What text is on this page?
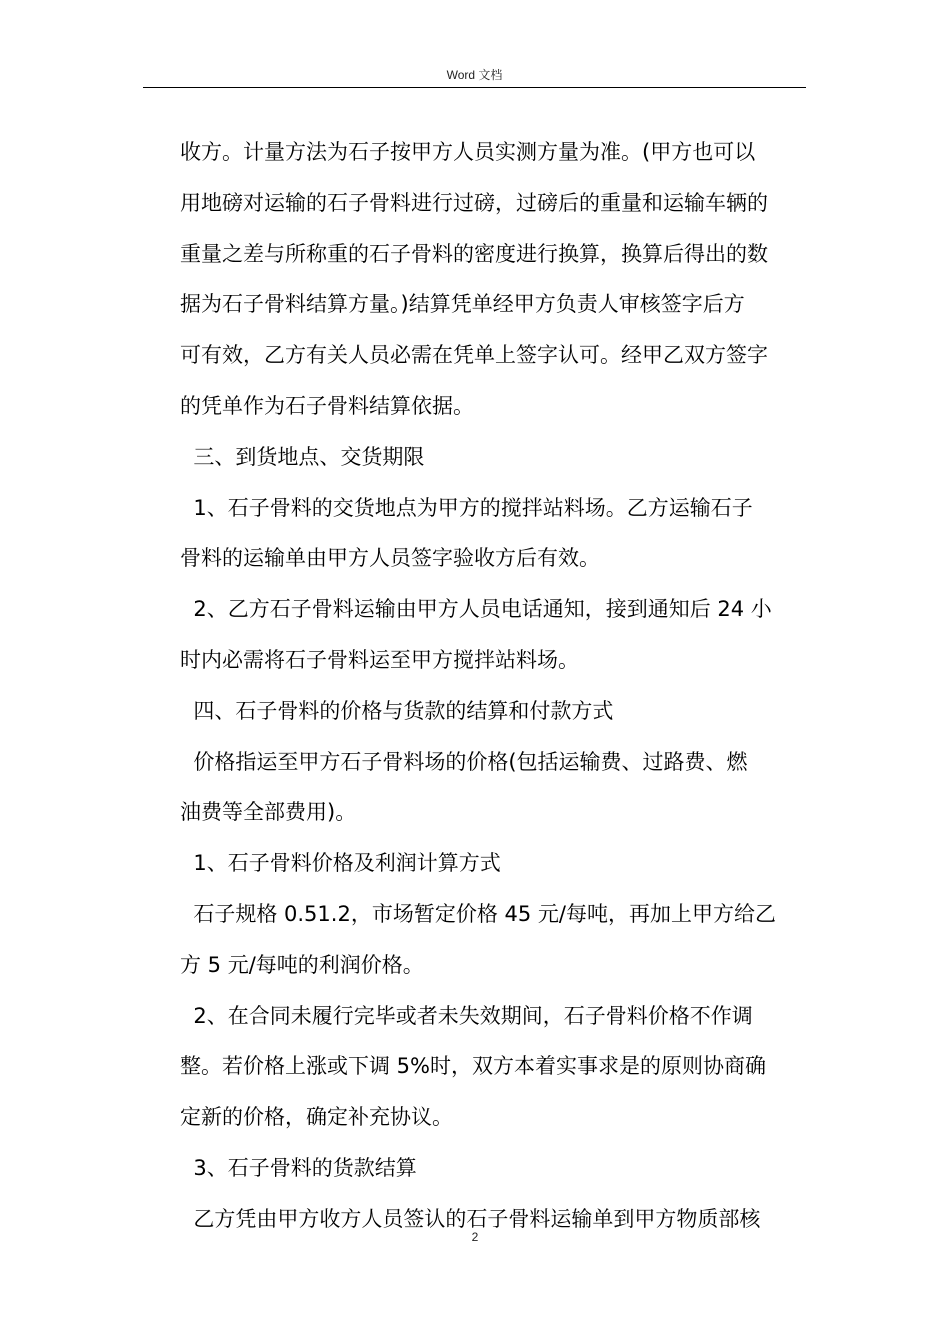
Word 文档

收方。计量方法为石子按甲方人员实测方量为准。(甲方也可以

用地磅对运输的石子骨料进行过磅，过磅后的重量和运输车辆的

重量之差与所称重的石子骨料的密度进行换算，换算后得出的数

据为石子骨料结算方量。)结算凭单经甲方负责人审核签字后方

可有效，乙方有关人员必需在凭单上签字认可。经甲乙双方签字

的凭单作为石子骨料结算依据。

三、到货地点、交货期限

1、石子骨料的交货地点为甲方的搅拌站料场。乙方运输石子

骨料的运输单由甲方人员签字验收方后有效。

2、乙方石子骨料运输由甲方人员电话通知，接到通知后 24 小

时内必需将石子骨料运至甲方搅拌站料场。

四、石子骨料的价格与货款的结算和付款方式

价格指运至甲方石子骨料场的价格(包括运输费、过路费、燃

油费等全部费用)。

1、石子骨料价格及利润计算方式

石子规格 0.51.2，市场暂定价格 45 元/每吨，再加上甲方给乙

方 5 元/每吨的利润价格。

2、在合同未履行完毕或者未失效期间，石子骨料价格不作调

整。若价格上涨或下调 5%时，双方本着实事求是的原则协商确

定新的价格，确定补充协议。

3、石子骨料的货款结算

乙方凭由甲方收方人员签认的石子骨料运输单到甲方物质部核

2
